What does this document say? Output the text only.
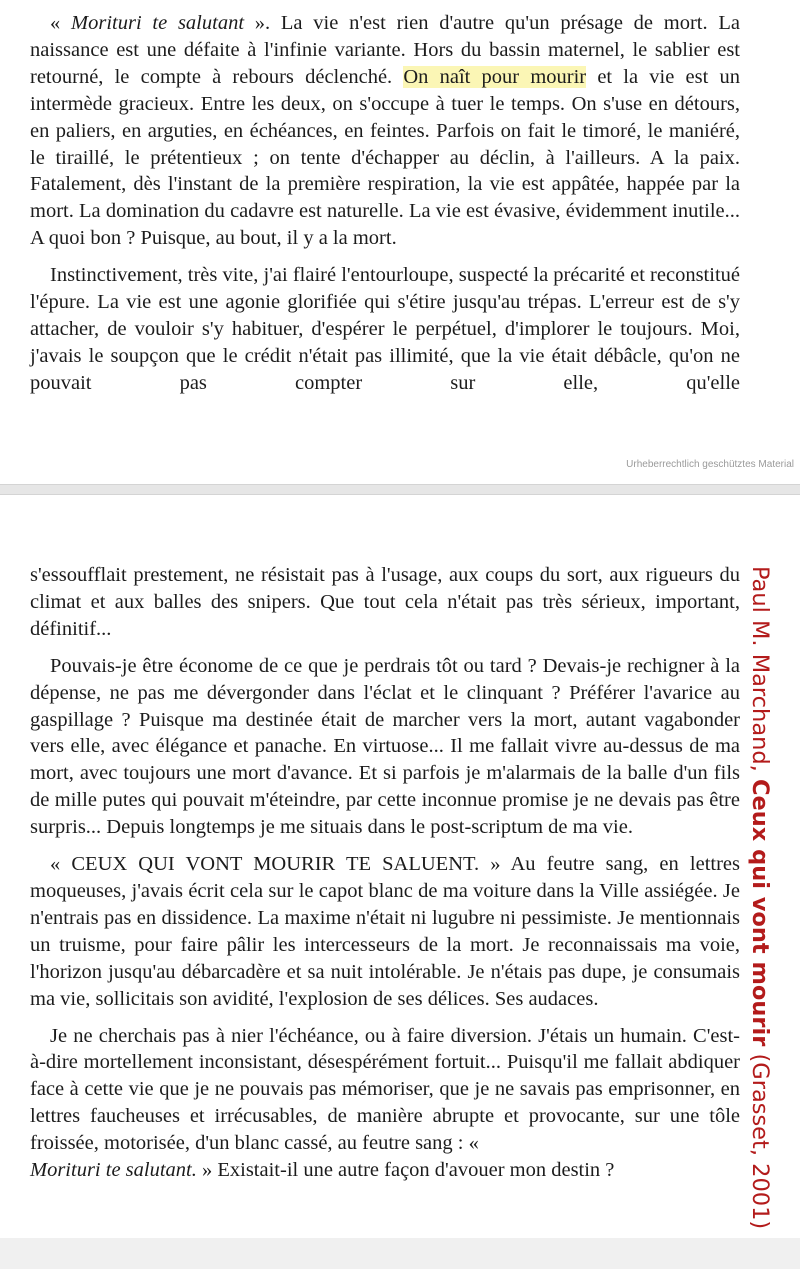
« Morituri te salutant ». La vie n'est rien d'autre qu'un présage de mort. La naissance est une défaite à l'infinie variante. Hors du bassin maternel, le sablier est retourné, le compte à rebours déclenché. On naît pour mourir et la vie est un intermède gracieux. Entre les deux, on s'occupe à tuer le temps. On s'use en détours, en paliers, en arguties, en échéances, en feintes. Parfois on fait le timoré, le maniéré, le tiraillé, le prétentieux ; on tente d'échapper au déclin, à l'ailleurs. A la paix. Fatalement, dès l'instant de la première respiration, la vie est appâtée, happée par la mort. La domination du cadavre est naturelle. La vie est évasive, évidemment inutile... A quoi bon ? Puisque, au bout, il y a la mort.

Instinctivement, très vite, j'ai flairé l'entourloupe, suspecté la précarité et reconstitué l'épure. La vie est une agonie glorifiée qui s'étire jusqu'au trépas. L'erreur est de s'y attacher, de vouloir s'y habituer, d'espérer le perpétuel, d'implorer le toujours. Moi, j'avais le soupçon que le crédit n'était pas illimité, que la vie était débâcle, qu'on ne pouvait pas compter sur elle, qu'elle

Urheberrechtlich geschütztes Material

s'essoufflait prestement, ne résistait pas à l'usage, aux coups du sort, aux rigueurs du climat et aux balles des snipers. Que tout cela n'était pas très sérieux, important, définitif...

Pouvais-je être économe de ce que je perdrais tôt ou tard ? Devais-je rechigner à la dépense, ne pas me dévergonder dans l'éclat et le clinquant ? Préférer l'avarice au gaspillage ? Puisque ma destinée était de marcher vers la mort, autant vagabonder vers elle, avec élégance et panache. En virtuose... Il me fallait vivre au-dessus de ma mort, avec toujours une mort d'avance. Et si parfois je m'alarmais de la balle d'un fils de mille putes qui pouvait m'éteindre, par cette inconnue promise je ne devais pas être surpris... Depuis longtemps je me situais dans le post-scriptum de ma vie.

« CEUX QUI VONT MOURIR TE SALUENT. » Au feutre sang, en lettres moqueuses, j'avais écrit cela sur le capot blanc de ma voiture dans la Ville assiégée. Je n'entrais pas en dissidence. La maxime n'était ni lugubre ni pessimiste. Je mentionnais un truisme, pour faire pâlir les intercesseurs de la mort. Je reconnaissais ma voie, l'horizon jusqu'au débarcadère et sa nuit intolérable. Je n'étais pas dupe, je consumais ma vie, sollicitais son avidité, l'explosion de ses délices. Ses audaces.

Je ne cherchais pas à nier l'échéance, ou à faire diversion. J'étais un humain. C'est-à-dire mortellement inconsistant, désespérément fortuit... Puisqu'il me fallait abdiquer face à cette vie que je ne pouvais pas mémoriser, que je ne savais pas emprisonner, en lettres faucheuses et irrécusables, de manière abrupte et provocante, sur une tôle froissée, motorisée, d'un blanc cassé, au feutre sang : «
Morituri te salutant. » Existait-il une autre façon d'avouer mon destin ?

Paul M. Marchand, Ceux qui vont mourir (Grasset, 2001)
